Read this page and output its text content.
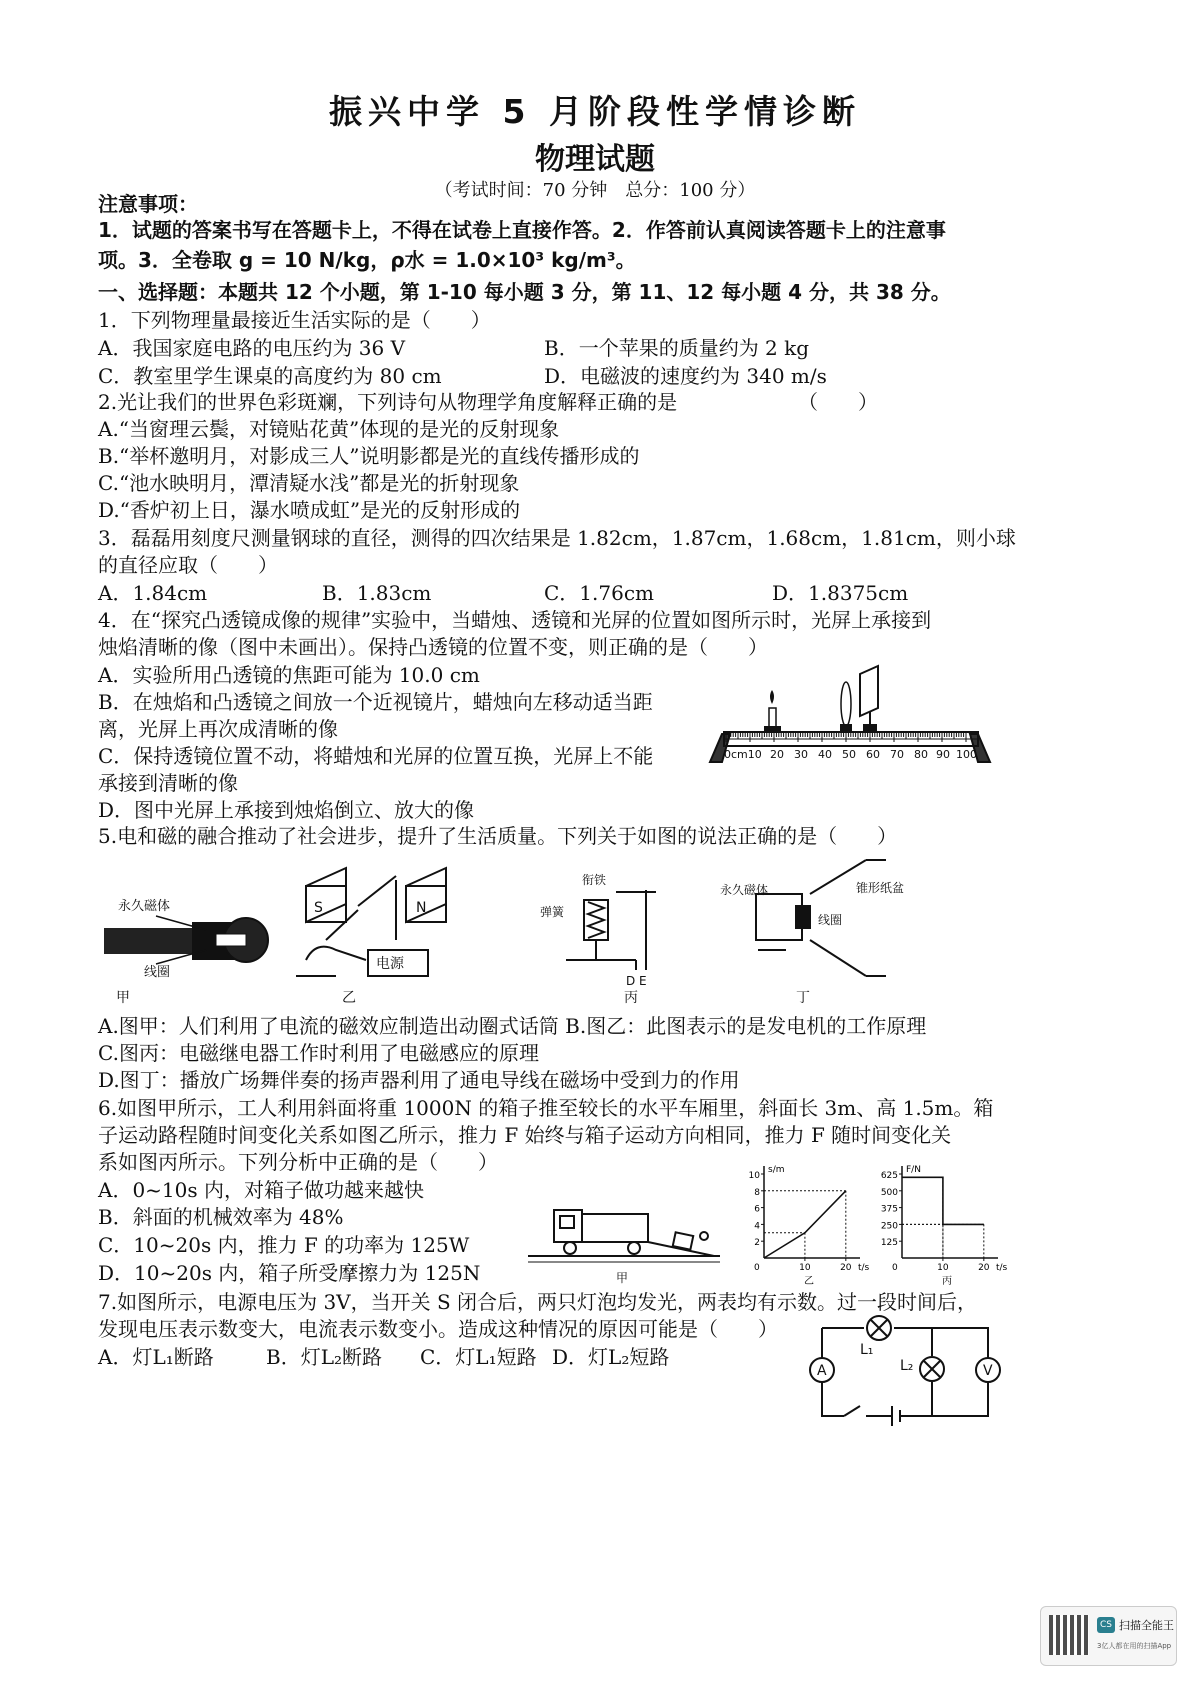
振兴中学 5 月阶段性学情诊断
物理试题
（考试时间：70 分钟　总分：100 分）
注意事项：
1．试题的答案书写在答题卡上，不得在试卷上直接作答。2．作答前认真阅读答题卡上的注意事
项。3．全卷取 g = 10 N/kg，ρ水 = 1.0×10³ kg/m³。
一、选择题：本题共 12 个小题，第 1-10 每小题 3 分，第 11、12 每小题 4 分，共 38 分。
1．下列物理量最接近生活实际的是（　　）
A．我国家庭电路的电压约为 36 V	B．一个苹果的质量约为 2 kg
C．教室里学生课桌的高度约为 80 cm	D．电磁波的速度约为 340 m/s
2.光让我们的世界色彩斑斓，下列诗句从物理学角度解释正确的是	（　　）
A.“当窗理云鬓，对镜贴花黄”体现的是光的反射现象
B.“举杯邀明月，对影成三人”说明影都是光的直线传播形成的
C.“池水映明月，潭清疑水浅”都是光的折射现象
D.“香炉初上日，瀑水喷成虹”是光的反射形成的
3．磊磊用刻度尺测量钢球的直径，测得的四次结果是 1.82cm，1.87cm，1.68cm，1.81cm，则小球
的直径应取（　　）
A．1.84cm	B．1.83cm	C．1.76cm	D．1.8375cm
4．在“探究凸透镜成像的规律”实验中，当蜡烛、透镜和光屏的位置如图所示时，光屏上承接到
烛焰清晰的像（图中未画出）。保持凸透镜的位置不变，则正确的是（　　）
A．实验所用凸透镜的焦距可能为 10.0 cm
B．在烛焰和凸透镜之间放一个近视镜片，蜡烛向左移动适当距
离，光屏上再次成清晰的像
C．保持透镜位置不动，将蜡烛和光屏的位置互换，光屏上不能
承接到清晰的像
D．图中光屏上承接到烛焰倒立、放大的像
0cm10 20 30 40 50 60 70 80 90 100
5.电和磁的融合推动了社会进步，提升了生活质量。下列关于如图的说法正确的是（　　）
永久磁体
线圈
甲
S	N
电源
乙
衔铁
弹簧
D E
丙
永久磁体	锥形纸盆
线圈
丁
A.图甲：人们利用了电流的磁效应制造出动圈式话筒 B.图乙：此图表示的是发电机的工作原理
C.图丙：电磁继电器工作时利用了电磁感应的原理
D.图丁：播放广场舞伴奏的扬声器利用了通电导线在磁场中受到力的作用
6.如图甲所示，工人利用斜面将重 1000N 的箱子推至较长的水平车厢里，斜面长 3m、高 1.5m。箱
子运动路程随时间变化关系如图乙所示，推力 F 始终与箱子运动方向相同，推力 F 随时间变化关
系如图丙所示。下列分析中正确的是（　　）
A．0~10s 内，对箱子做功越来越快
B．斜面的机械效率为 48%
C．10~20s 内，推力 F 的功率为 125W
D．10~20s 内，箱子所受摩擦力为 125N	甲
2
4
6
8
10
10	20
0
s/m
t/s
乙
125
250
375
500
625
10	20
0
F/N
t/s
丙
7.如图所示，电源电压为 3V，当开关 S 闭合后，两只灯泡均发光，两表均有示数。过一段时间后，
发现电压表示数变大，电流表示数变小。造成这种情况的原因可能是（　　）
A．灯L₁断路	B．灯L₂断路 C．灯L₁短路 D．灯L₂短路	L₁
L₂
A	V
CS 扫描全能王
3亿人都在用的扫描App
